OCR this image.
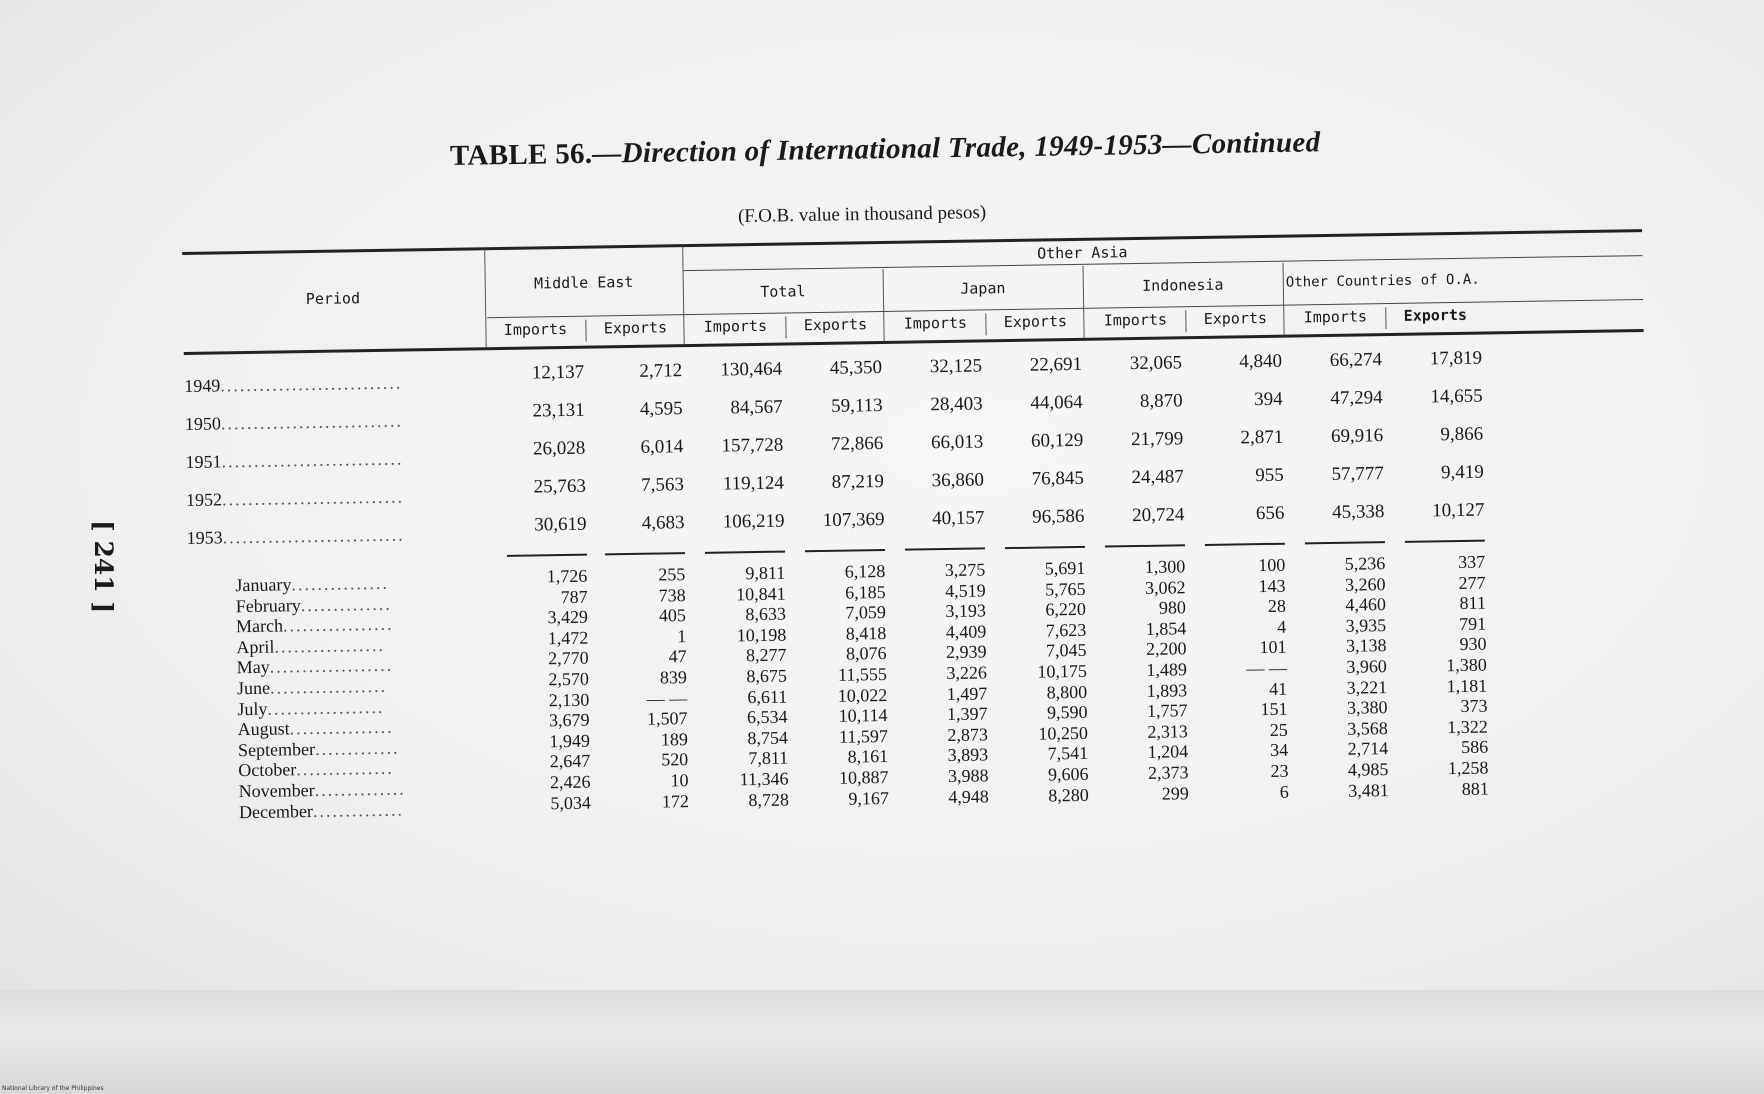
TABLE 56.—Direction of International Trade, 1949-1953—Continued
(F.O.B. value in thousand pesos)
[ 241 ]
Period
Other Asia
Middle East	Total	Japan	Indonesia	Other Countries of O.A.
Imports	Exports	Imports	Exports	Imports	Exports	Imports	Exports	Imports	Exports
1949............................	12,137	2,712	130,464	45,350	32,125	22,691	32,065	4,840	66,274	17,819
1950............................	23,131	4,595	84,567	59,113	28,403	44,064	8,870	394	47,294	14,655
1951............................	26,028	6,014	157,728	72,866	66,013	60,129	21,799	2,871	69,916	9,866
1952............................	25,763	7,563	119,124	87,219	36,860	76,845	24,487	955	57,777	9,419
1953............................	30,619	4,683	106,219	107,369	40,157	96,586	20,724	656	45,338	10,127
January...............	1,726	255	9,811	6,128	3,275	5,691	1,300	100	5,236	337
February..............	787	738	10,841	6,185	4,519	5,765	3,062	143	3,260	277
March.................	3,429	405	8,633	7,059	3,193	6,220	980	28	4,460	811
April.................	1,472	1	10,198	8,418	4,409	7,623	1,854	4	3,935	791
May...................	2,770	47	8,277	8,076	2,939	7,045	2,200	101	3,138	930
June..................	2,570	839	8,675	11,555	3,226	10,175	1,489	— —	3,960	1,380
July..................	2,130	— —	6,611	10,022	1,497	8,800	1,893	41	3,221	1,181
August................	3,679	1,507	6,534	10,114	1,397	9,590	1,757	151	3,380	373
September.............	1,949	189	8,754	11,597	2,873	10,250	2,313	25	3,568	1,322
October...............	2,647	520	7,811	8,161	3,893	7,541	1,204	34	2,714	586
November..............	2,426	10	11,346	10,887	3,988	9,606	2,373	23	4,985	1,258
December..............	5,034	172	8,728	9,167	4,948	8,280	299	6	3,481	881
National Library of the Philippines
